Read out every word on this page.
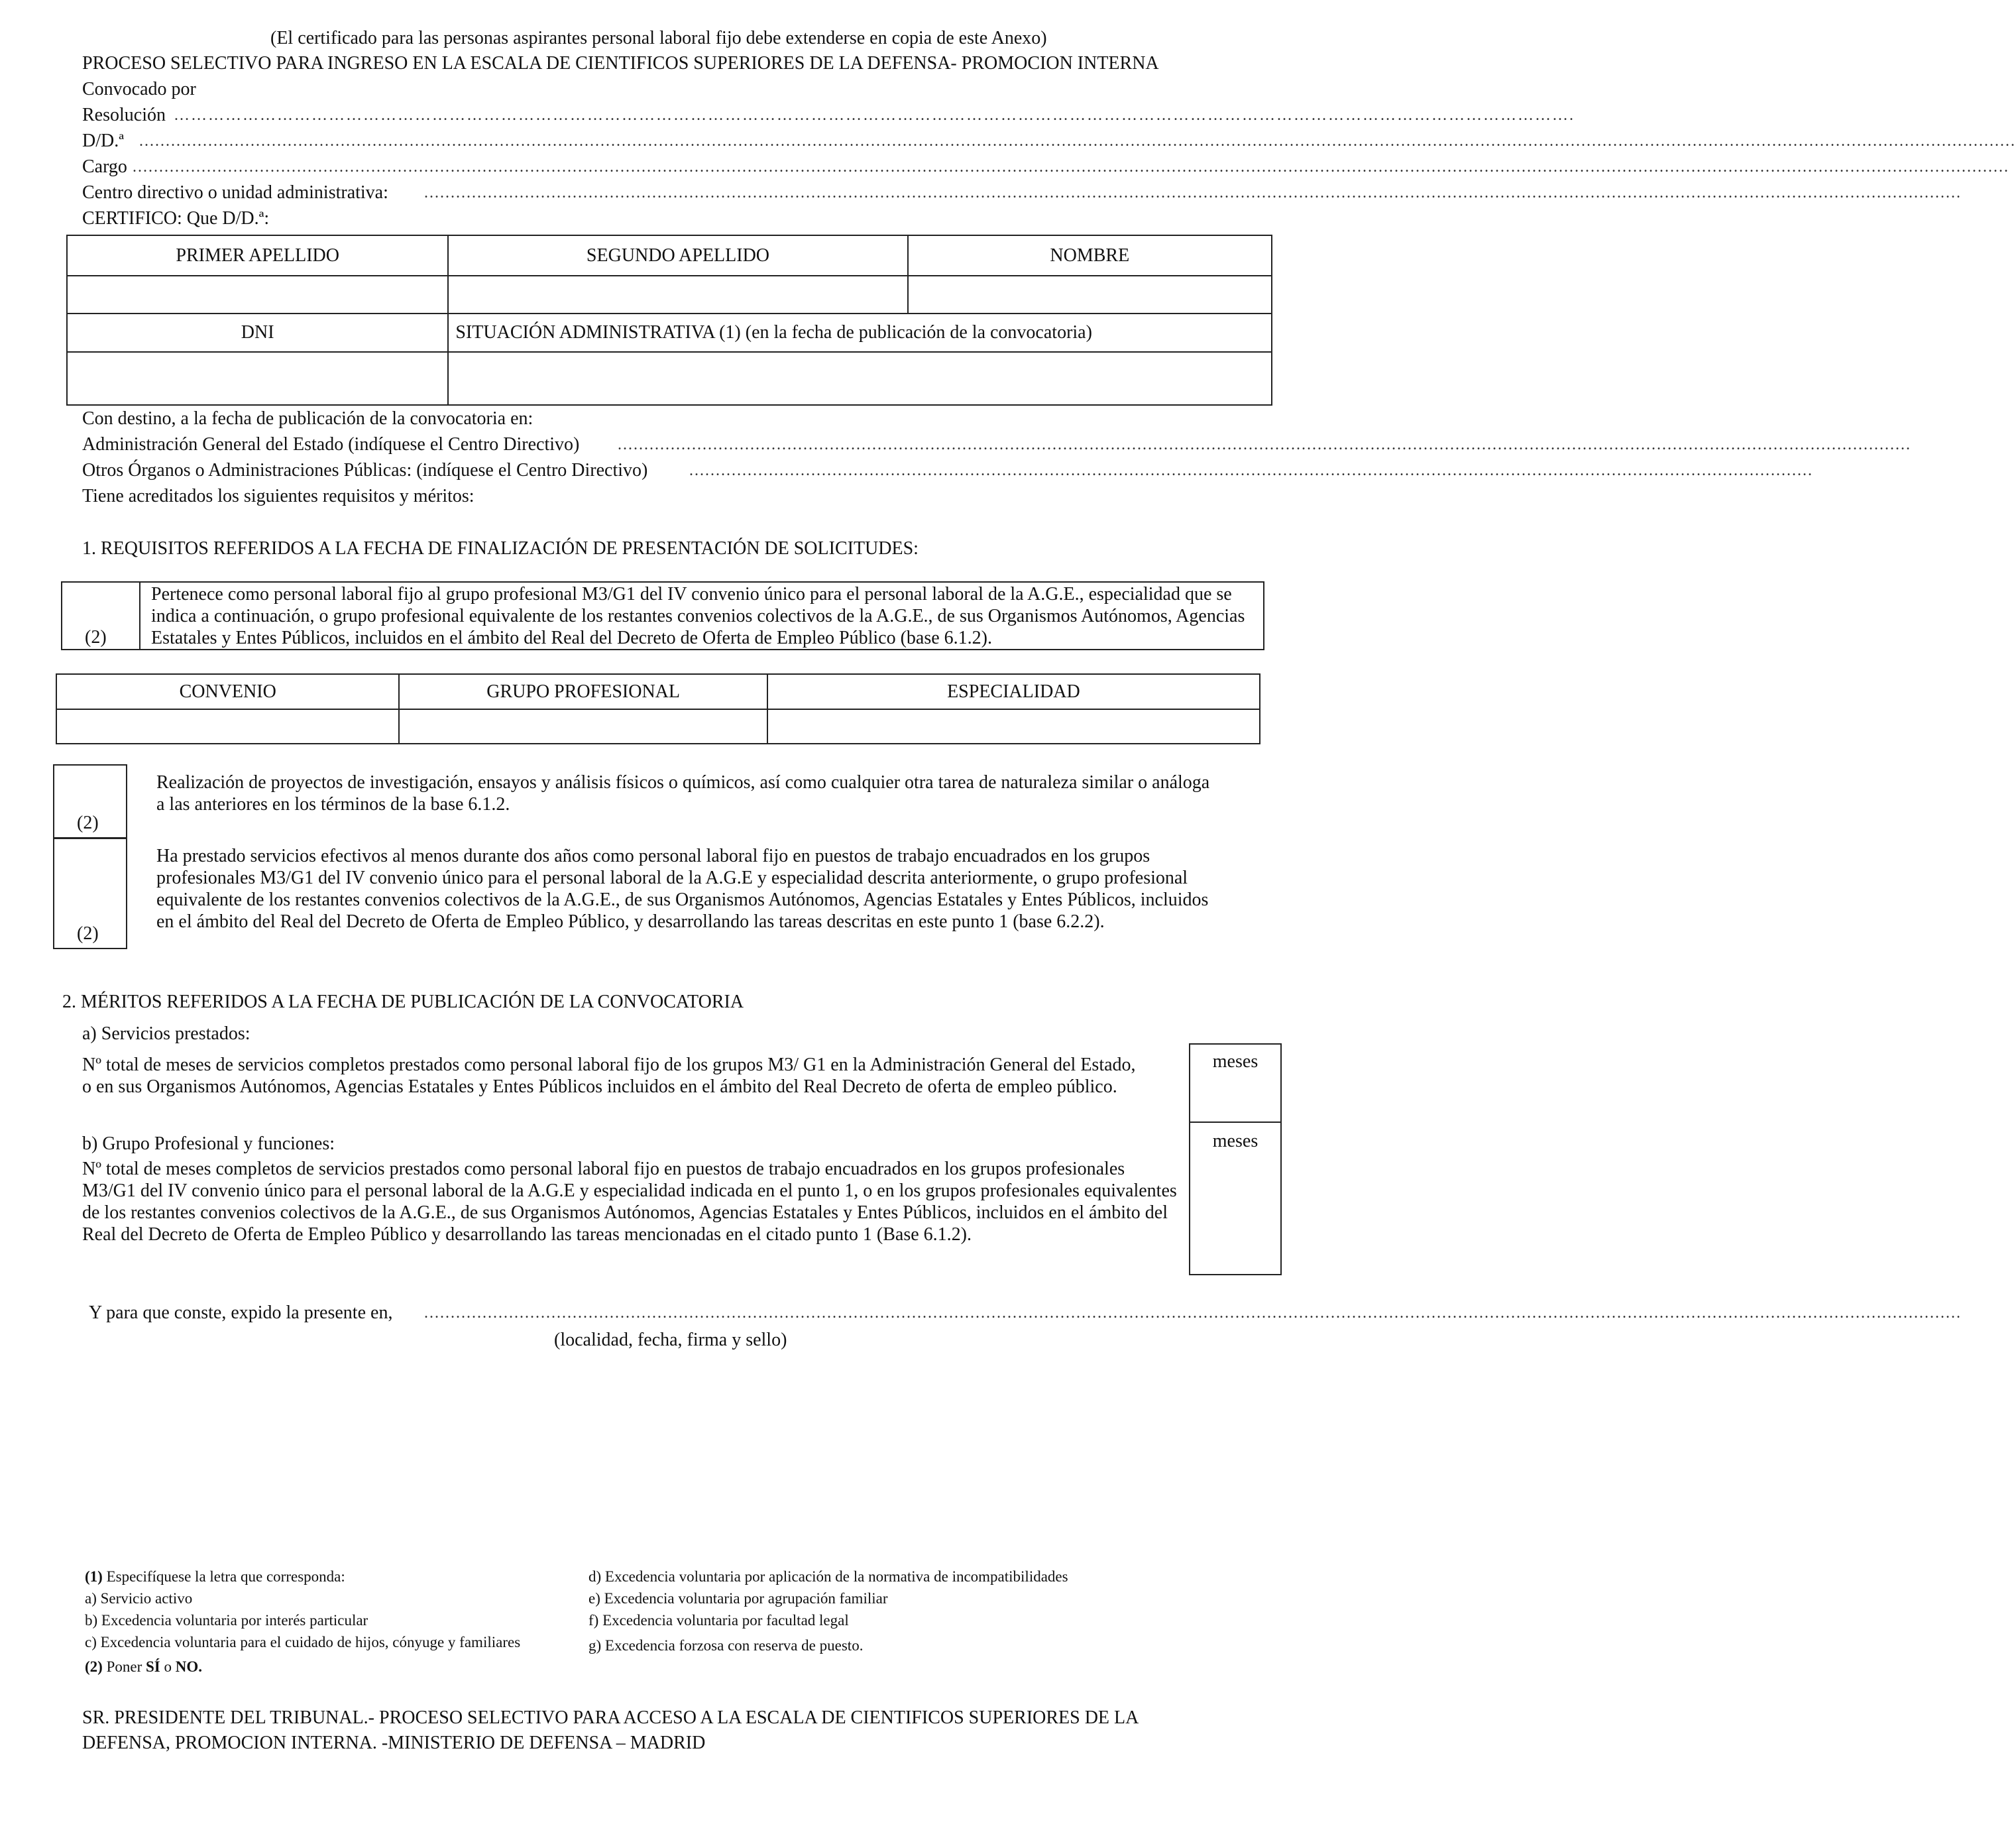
(El certificado para las personas aspirantes personal laboral fijo debe extenderse en copia de este Anexo)
PROCESO SELECTIVO PARA INGRESO EN LA ESCALA DE CIENTIFICOS SUPERIORES DE LA DEFENSA- PROMOCION INTERNA
Convocado por
Resolución ……………………………………………………………………………………………………………………………………………………………………………………………………………………….
D/D.ª ..................................................................................................................................................................................................................................................................................................................................................................
Cargo ..................................................................................................................................................................................................................................................................................................................................................................
Centro directivo o unidad administrativa: ..................................................................................................................................................................................................................................................................................................
CERTIFICO: Que D/D.ª:
PRIMER APELLIDO	SEGUNDO APELLIDO	NOMBRE

DNI	SITUACIÓN ADMINISTRATIVA (1) (en la fecha de publicación de la convocatoria)	

Con destino, a la fecha de publicación de la convocatoria en:
Administración General del Estado (indíquese el Centro Directivo) ....................................................................................................................................................................................................................................................
Otros Órganos o Administraciones Públicas: (indíquese el Centro Directivo)	....................................................................................................................................................................................................................
Tiene acreditados los siguientes requisitos y méritos:
1. REQUISITOS REFERIDOS A LA FECHA DE FINALIZACIÓN DE PRESENTACIÓN DE SOLICITUDES:
(2)
Pertenece como personal laboral fijo al grupo profesional M3/G1 del IV convenio único para el personal laboral de la A.G.E., especialidad que se indica a continuación, o grupo profesional equivalente de los restantes convenios colectivos de la A.G.E., de sus Organismos Autónomos, Agencias Estatales y Entes Públicos, incluidos en el ámbito del Real del Decreto de Oferta de Empleo Público (base 6.1.2).
CONVENIO	GRUPO PROFESIONAL	ESPECIALIDAD

(2)
Realización de proyectos de investigación, ensayos y análisis físicos o químicos, así como cualquier otra tarea de naturaleza similar o análoga a las anteriores en los términos de la base 6.1.2.
(2)
Ha prestado servicios efectivos al menos durante dos años como personal laboral fijo en puestos de trabajo encuadrados en los grupos profesionales M3/G1 del IV convenio único para el personal laboral de la A.G.E y especialidad descrita anteriormente, o grupo profesional equivalente de los restantes convenios colectivos de la A.G.E., de sus Organismos Autónomos, Agencias Estatales y Entes Públicos, incluidos en el ámbito del Real del Decreto de Oferta de Empleo Público, y desarrollando las tareas descritas en este punto 1 (base 6.2.2).
2. MÉRITOS REFERIDOS A LA FECHA DE PUBLICACIÓN DE LA CONVOCATORIA
a) Servicios prestados:
Nº total de meses de servicios completos prestados como personal laboral fijo de los grupos M3/ G1 en la Administración General del Estado, o en sus Organismos Autónomos, Agencias Estatales y Entes Públicos incluidos en el ámbito del Real Decreto de oferta de empleo público.
b) Grupo Profesional y funciones:
Nº total de meses completos de servicios prestados como personal laboral fijo en puestos de trabajo encuadrados en los grupos profesionales M3/G1 del IV convenio único para el personal laboral de la A.G.E y especialidad indicada en el punto 1, o en los grupos profesionales equivalentes de los restantes convenios colectivos de la A.G.E., de sus Organismos Autónomos, Agencias Estatales y Entes Públicos, incluidos en el ámbito del Real del Decreto de Oferta de Empleo Público y desarrollando las tareas mencionadas en el citado punto 1 (Base 6.1.2).
meses
meses
Y para que conste, expido la presente en, ..................................................................................................................................................................................................................................................................................................
(localidad, fecha, firma y sello)
(1) Especifíquese la letra que corresponda:
a) Servicio activo
b) Excedencia voluntaria por interés particular
c) Excedencia voluntaria para el cuidado de hijos, cónyuge y familiares
(2) Poner SÍ o NO.
d) Excedencia voluntaria por aplicación de la normativa de incompatibilidades
e) Excedencia voluntaria por agrupación familiar
f) Excedencia voluntaria por facultad legal
g) Excedencia forzosa con reserva de puesto.
SR. PRESIDENTE DEL TRIBUNAL.- PROCESO SELECTIVO PARA ACCESO A LA ESCALA DE CIENTIFICOS SUPERIORES DE LA
DEFENSA, PROMOCION INTERNA. -MINISTERIO DE DEFENSA – MADRID
